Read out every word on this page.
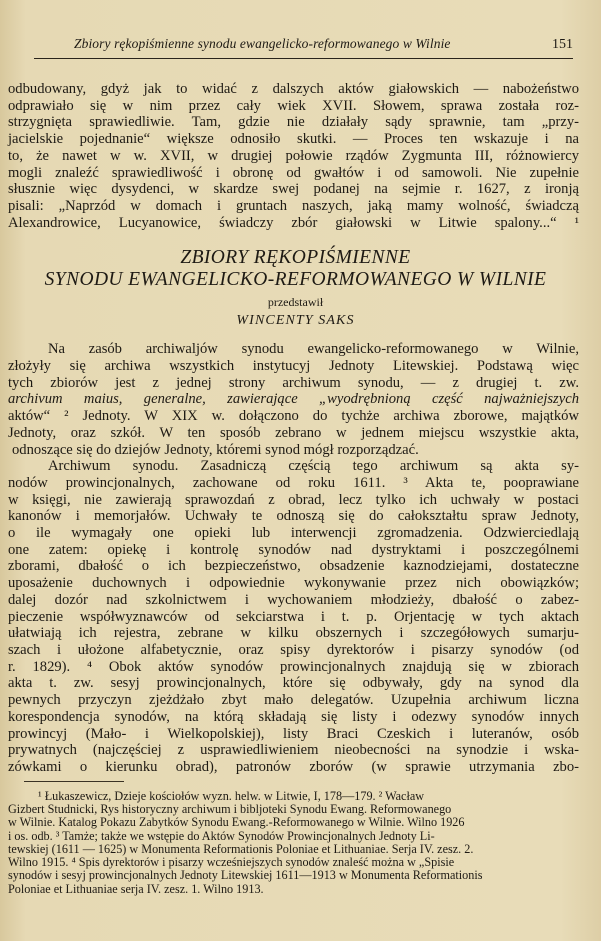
Zbiory rękopiśmienne synodu ewangelicko-reformowanego w Wilnie	151
odbudowany, gdyż jak to widać z dalszych aktów giałowskich — nabożeństwo
odprawiało się w nim przez cały wiek XVII. Słowem, sprawa została roz-
strzygnięta sprawiedliwie. Tam, gdzie nie działały sądy sprawnie, tam „przy-
jacielskie pojednanie“ większe odnosiło skutki. — Proces ten wskazuje i na
to, że nawet w w. XVII, w drugiej połowie rządów Zygmunta III, różnowiercy
mogli znaleźć sprawiedliwość i obronę od gwałtów i od samowoli. Nie zupełnie
słusznie więc dysydenci, w skardze swej podanej na sejmie r. 1627, z ironją
pisali: „Naprzód w domach i gruntach naszych, jaką mamy wolność, świadczą
Alexandrowice, Lucyanowice, świadczy zbór giałowski w Litwie spalony...“ ¹
ZBIORY RĘKOPIŚMIENNE
SYNODU EWANGELICKO-REFORMOWANEGO W WILNIE
przedstawił
WINCENTY SAKS
Na zasób archiwaljów synodu ewangelicko-reformowanego w Wilnie,
złożyły się archiwa wszystkich instytucyj Jednoty Litewskiej. Podstawą więc
tych zbiorów jest z jednej strony archiwum synodu, — z drugiej t. zw.
archivum maius, generalne, zawierające „wyodrębnioną część najważniejszych
aktów“ ² Jednoty. W XIX w. dołączono do tychże archiwa zborowe, majątków
Jednoty, oraz szkół. W ten sposób zebrano w jednem miejscu wszystkie akta,
odnoszące się do dziejów Jednoty, któremi synod mógł rozporządzać.
Archiwum synodu. Zasadniczą częścią tego archiwum są akta sy-
nodów prowincjonalnych, zachowane od roku 1611. ³ Akta te, pooprawiane
w księgi, nie zawierają sprawozdań z obrad, lecz tylko ich uchwały w postaci
kanonów i memorjałów. Uchwały te odnoszą się do całokształtu spraw Jednoty,
o ile wymagały one opieki lub interwencji zgromadzenia. Odzwierciedlają
one zatem: opiekę i kontrolę synodów nad dystryktami i poszczególnemi
zborami, dbałość o ich bezpieczeństwo, obsadzenie kaznodziejami, dostateczne
uposażenie duchownych i odpowiednie wykonywanie przez nich obowiązków;
dalej dozór nad szkolnictwem i wychowaniem młodzieży, dbałość o zabez-
pieczenie współwyznawców od sekciarstwa i t. p. Orjentację w tych aktach
ułatwiają ich rejestra, zebrane w kilku obszernych i szczegółowych sumarju-
szach i ułożone alfabetycznie, oraz spisy dyrektorów i pisarzy synodów (od
r. 1829). ⁴ Obok aktów synodów prowincjonalnych znajdują się w zbiorach
akta t. zw. sesyj prowincjonalnych, które się odbywały, gdy na synod dla
pewnych przyczyn zjeżdżało zbyt mało delegatów. Uzupełnia archiwum liczna
korespondencja synodów, na którą składają się listy i odezwy synodów innych
prowincyj (Mało- i Wielkopolskiej), listy Braci Czeskich i luteranów, osób
prywatnych (najczęściej z usprawiedliwieniem nieobecności na synodzie i wska-
zówkami o kierunku obrad), patronów zborów (w sprawie utrzymania zbo-
¹ Łukaszewicz, Dzieje kościołów wyzn. helw. w Litwie, I, 178—179. ² Wacław
Gizbert Studnicki, Rys historyczny archiwum i bibljoteki Synodu Ewang. Reformowanego
w Wilnie. Katalog Pokazu Zabytków Synodu Ewang.-Reformowanego w Wilnie. Wilno 1926
i os. odb. ³ Tamże; także we wstępie do Aktów Synodów Prowincjonalnych Jednoty Li-
tewskiej (1611 — 1625) w Monumenta Reformationis Poloniae et Lithuaniae. Serja IV. zesz. 2.
Wilno 1915. ⁴ Spis dyrektorów i pisarzy wcześniejszych synodów znaleść można w „Spisie
synodów i sesyj prowincjonalnych Jednoty Litewskiej 1611—1913 w Monumenta Reformationis
Poloniae et Lithuaniae serja IV. zesz. 1. Wilno 1913.
